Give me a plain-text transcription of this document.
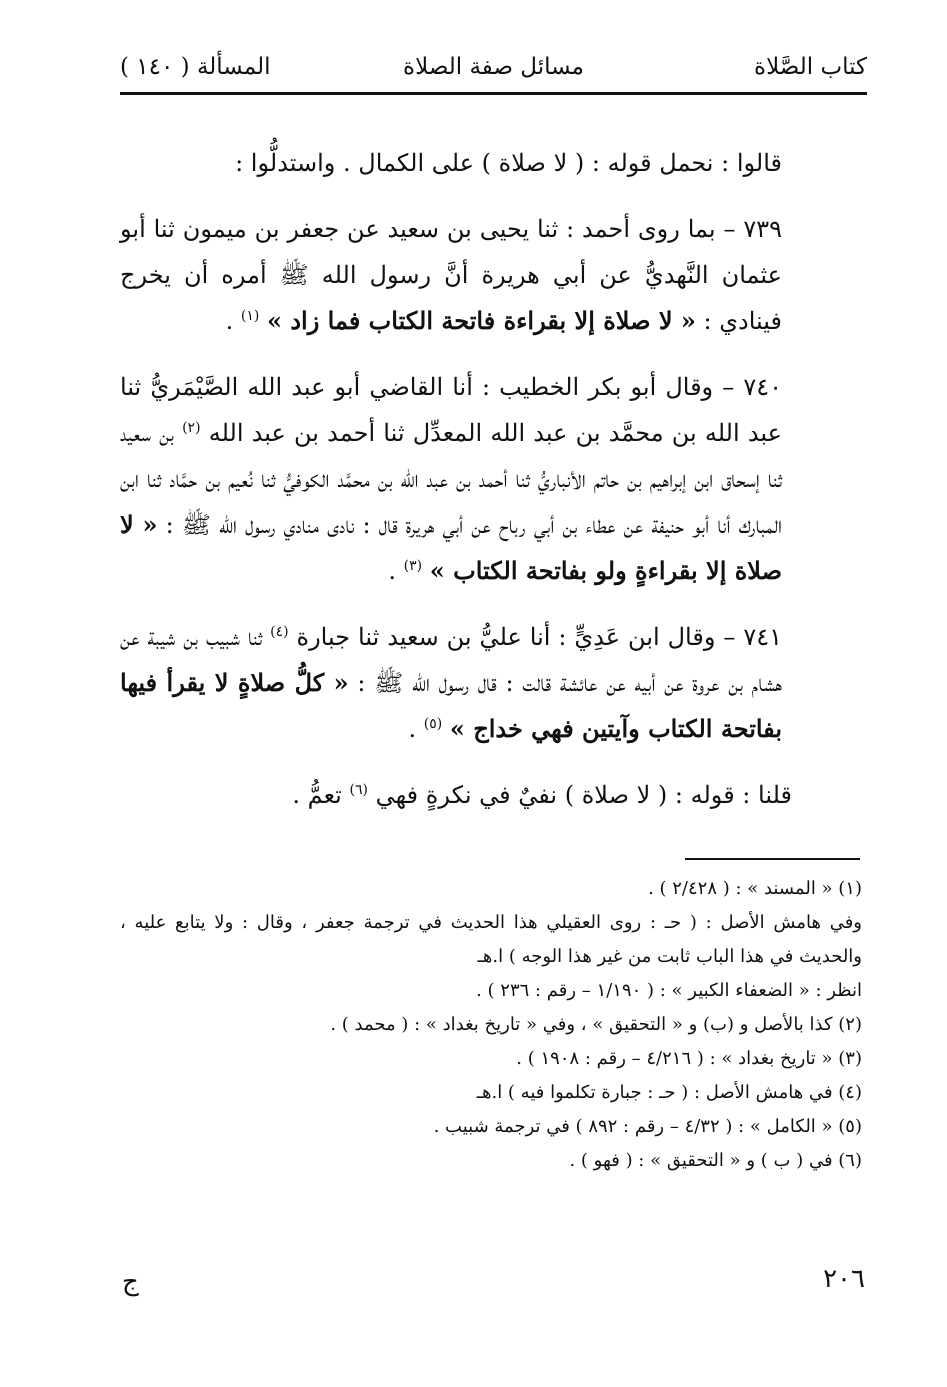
كتاب الصَّلاة
مسائل صفة الصلاة
المسألة ( ١٤٠ )

قالوا : نحمل قوله : ( لا صلاة ) على الكمال . واستدلُّوا :

٧٣٩ – بما روى أحمد : ثنا يحيى بن سعيد عن جعفر بن ميمون ثنا أبو عثمان النَّهديُّ عن أبي هريرة أنَّ رسول الله ﷺ أمره أن يخرج فينادي : « لا صلاة إلا بقراءة فاتحة الكتاب فما زاد » $^{(١)}$ .

٧٤٠ – وقال أبو بكر الخطيب : أنا القاضي أبو عبد الله الصَّيْمَريُّ ثنا عبد الله بن محمَّد بن عبد الله المعدِّل ثنا أحمد بن عبد الله $^{(٢)}$ بن سعيد ثنا إسحاق ابن إبراهيم بن حاتم الأنباريُّ ثنا أحمد بن عبد الله بن محمَّد الكوفيُّ ثنا نُعيم بن حمَّاد ثنا ابن المبارك أنا أبو حنيفة عن عطاء بن أبي رباح عن أبي هريرة قال : نادى منادي رسول الله ﷺ : « لا صلاة إلا بقراءةٍ ولو بفاتحة الكتاب » $^{(٣)}$ .

٧٤١ – وقال ابن عَدِيٍّ : أنا عليُّ بن سعيد ثنا جبارة $^{(٤)}$ ثنا شبيب بن شيبة عن هشام بن عروة عن أبيه عن عائشة قالت : قال رسول الله ﷺ : « كلُّ صلاةٍ لا يقرأ فيها بفاتحة الكتاب وآيتين فهي خداج » $^{(٥)}$ .

قلنا : قوله : ( لا صلاة ) نفيٌ في نكرةٍ فهي $^{(٦)}$ تعمُّ .

(١) « المسند » : ( ٢/٤٢٨ ) .

وفي هامش الأصل : ( حـ : روى العقيلي هذا الحديث في ترجمة جعفر ، وقال : ولا يتابع عليه ، والحديث في هذا الباب ثابت من غير هذا الوجه ) ا.هـ

انظر : « الضعفاء الكبير » : ( ١/١٩٠ – رقم : ٢٣٦ ) .

(٢) كذا بالأصل و (ب) و « التحقيق » ، وفي « تاريخ بغداد » : ( محمد ) .

(٣) « تاريخ بغداد » : ( ٤/٢١٦ – رقم : ١٩٠٨ ) .

(٤) في هامش الأصل : ( حـ : جبارة تكلموا فيه ) ا.هـ

(٥) « الكامل » : ( ٤/٣٢ – رقم : ٨٩٢ ) في ترجمة شبيب .

(٦) في ( ب ) و « التحقيق » : ( فهو ) .

٢٠٦
ج
